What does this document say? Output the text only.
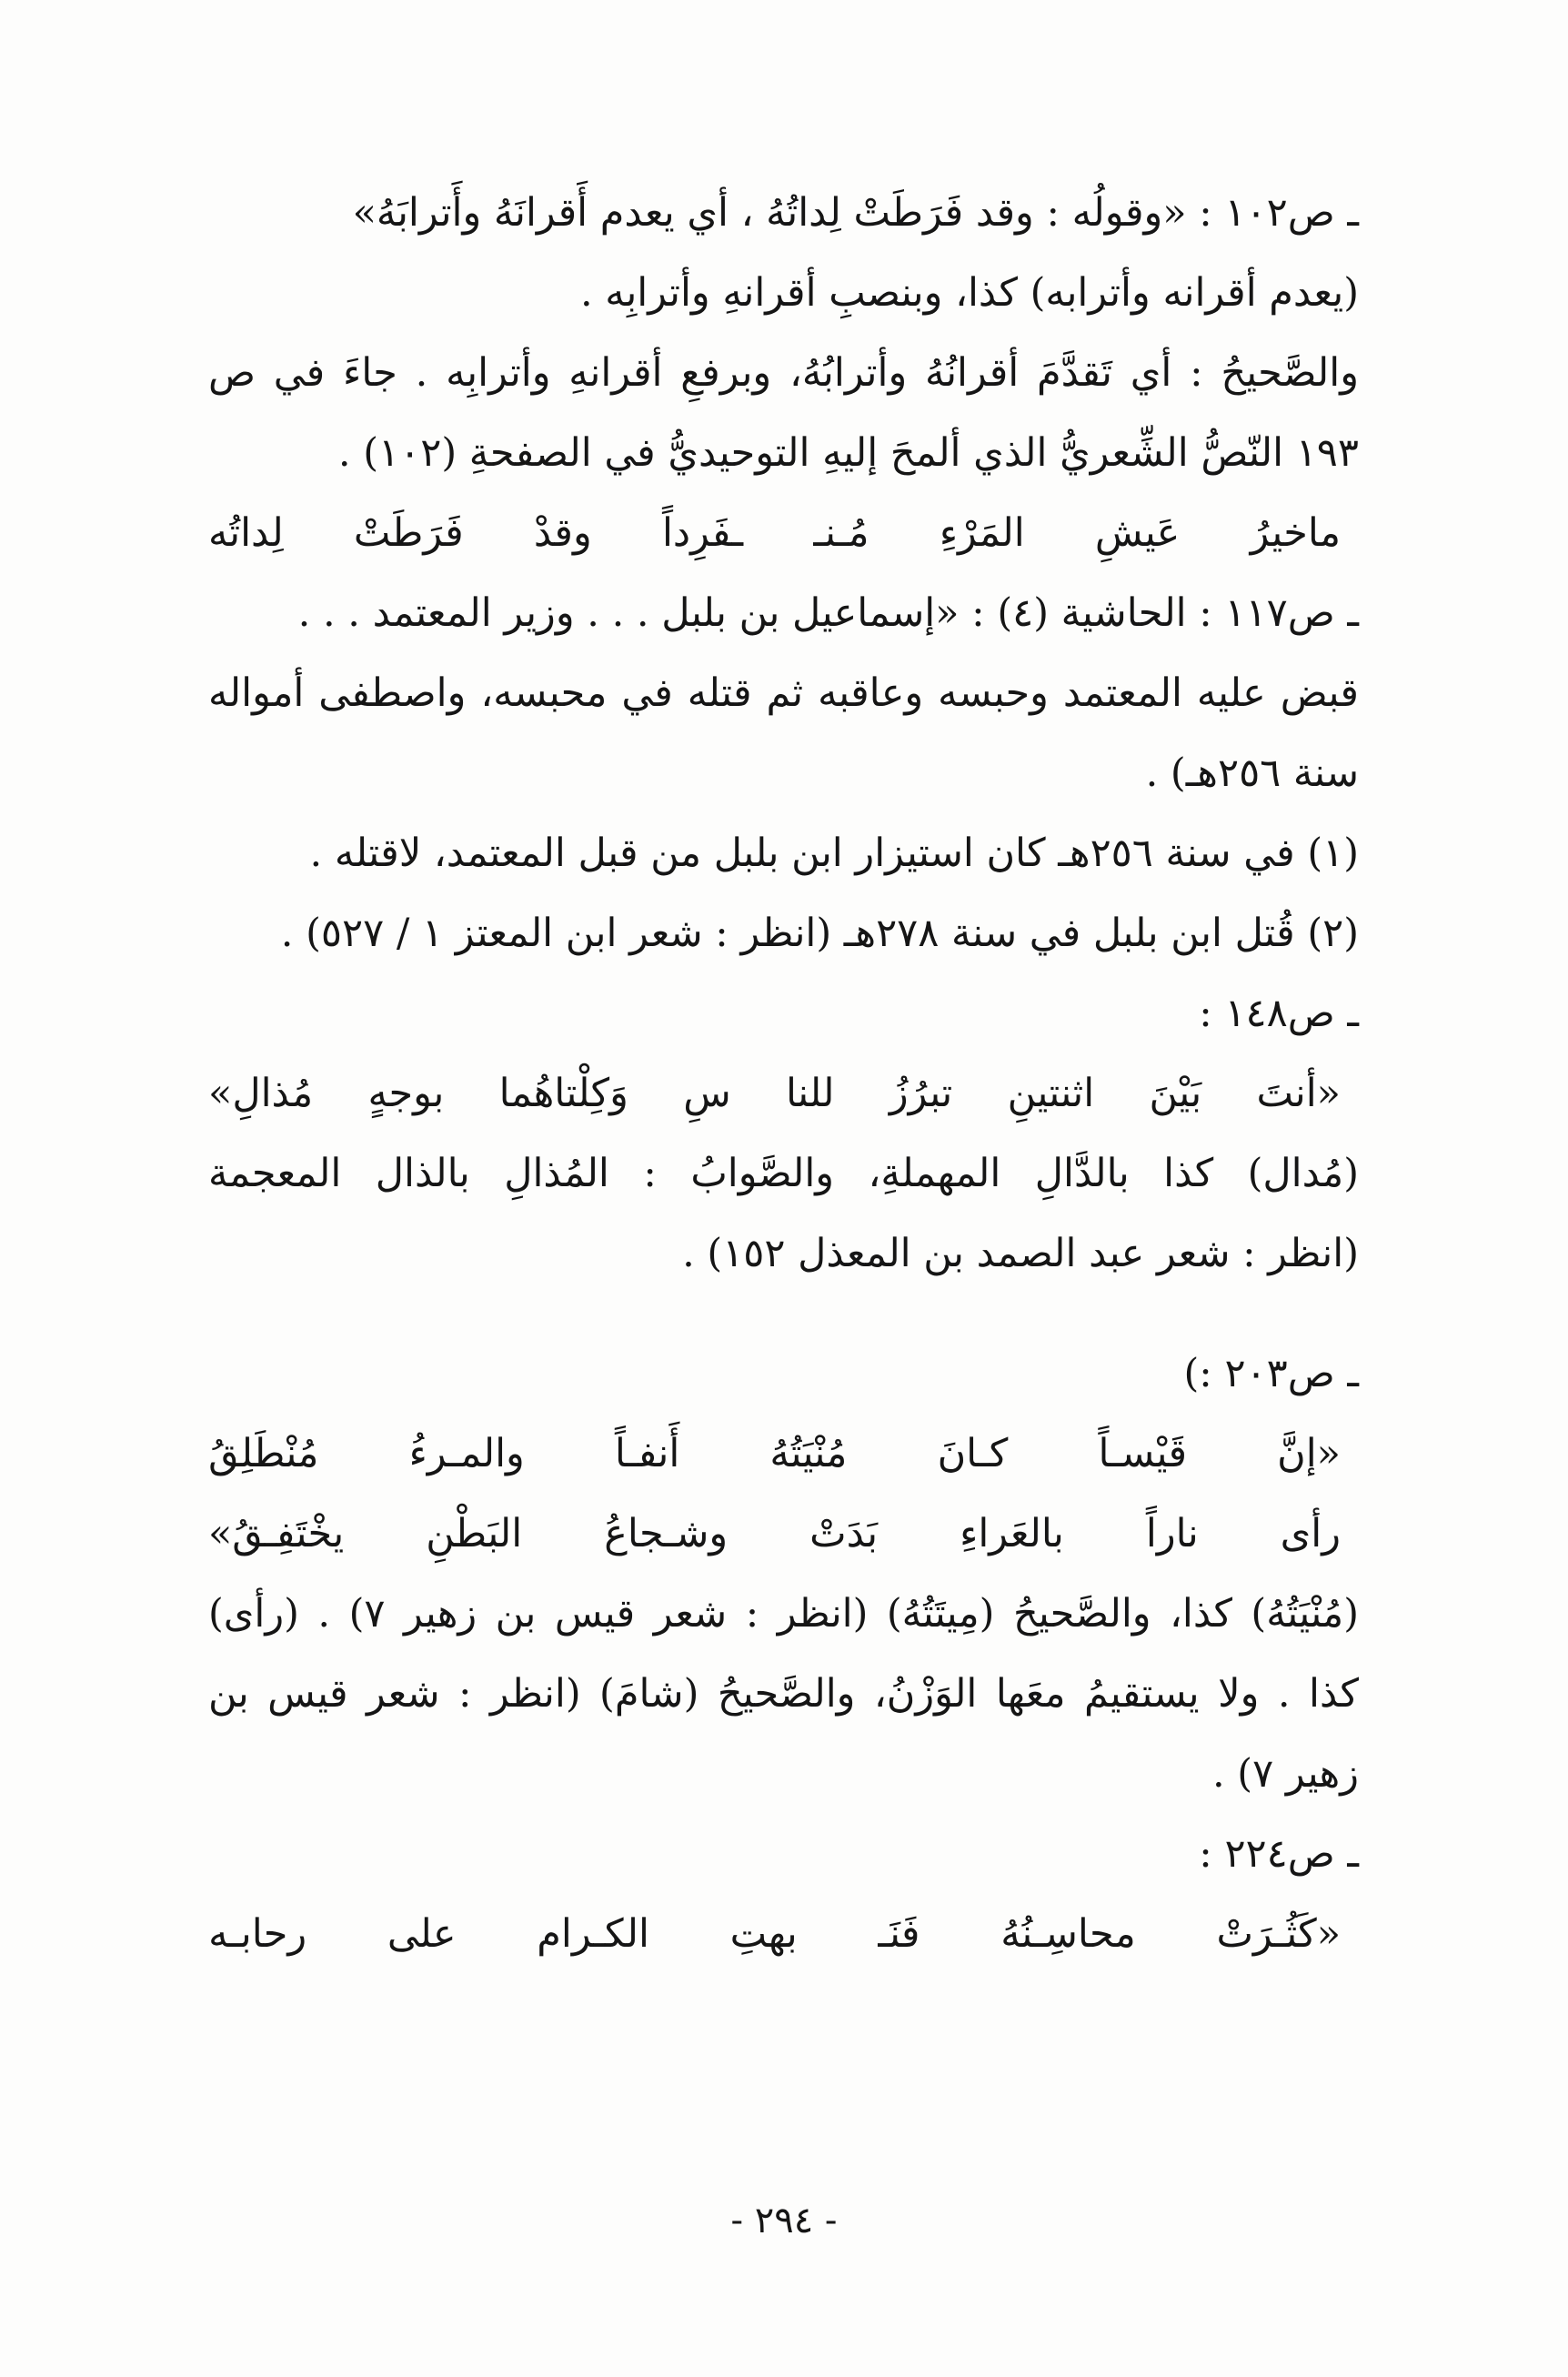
ـ ص١٠٢ : «وقولُه : وقد فَرَطَتْ لِداتُهُ ، أي يعدم أَقرانَهُ وأَترابَهُ»
(يعدم أقرانه وأترابه) كذا، وبنصبِ أقرانهِ وأترابِه .
والصَّحيحُ : أي تَقدَّمَ أقرانُهُ وأترابُهُ، وبرفعِ أقرانهِ وأترابِه . جاءَ في ص
١٩٣ النّصُّ الشِّعريُّ الذي ألمحَ إليهِ التوحيديُّ في الصفحةِ (١٠٢) .
ماخيرُ
عَيشِ
المَرْءِ
مُـنـ
ـفَرِداً
وقدْ
فَرَطَتْ
لِداتُه
ـ ص١١٧ : الحاشية (٤) : «إسماعيل بن بلبل . . . وزير المعتمد . . .
قبض عليه المعتمد وحبسه وعاقبه ثم قتله في محبسه، واصطفى أمواله
سنة ٢٥٦هـ) .
(١) في سنة ٢٥٦هـ كان استيزار ابن بلبل من قبل المعتمد، لاقتله .
(٢) قُتل ابن بلبل في سنة ٢٧٨هـ (انظر : شعر ابن المعتز ١ / ٥٢٧) .
ـ ص١٤٨ :
«أنتَ
بَيْنَ
اثنتينِ
تبرُزُ
للنا
سِ
وَكِلْتاهُما
بوجهٍ
مُذالِ»
(مُدال) كذا بالدَّالِ المهملةِ، والصَّوابُ : المُذالِ بالذال المعجمة
(انظر : شعر عبد الصمد بن المعذل ١٥٢) .
ـ ص٢٠٣ :)
«إنَّ
قَيْسـاً
كـانَ
مُنْيَتُهُ
أَنفـاً
والمـرءُ
مُنْطَلِقُ
رأى
ناراً
بالعَراءِ
بَدَتْ
وشـجاعُ
البَطْنِ
يخْتَفِـقُ»
(مُنْيَتُهُ) كذا، والصَّحيحُ (مِيتَتُهُ) (انظر : شعر قيس بن زهير ٧) . (رأى)
كذا . ولا يستقيمُ معَها الوَزْنُ، والصَّحيحُ (شامَ) (انظر : شعر قيس بن
زهير ٧) .
ـ ص٢٢٤ :
«كَثُـرَتْ
محاسِـنُهُ
فَنَـ
بهتِ
الكـرام
على
رحابـه
- ٢٩٤ -
